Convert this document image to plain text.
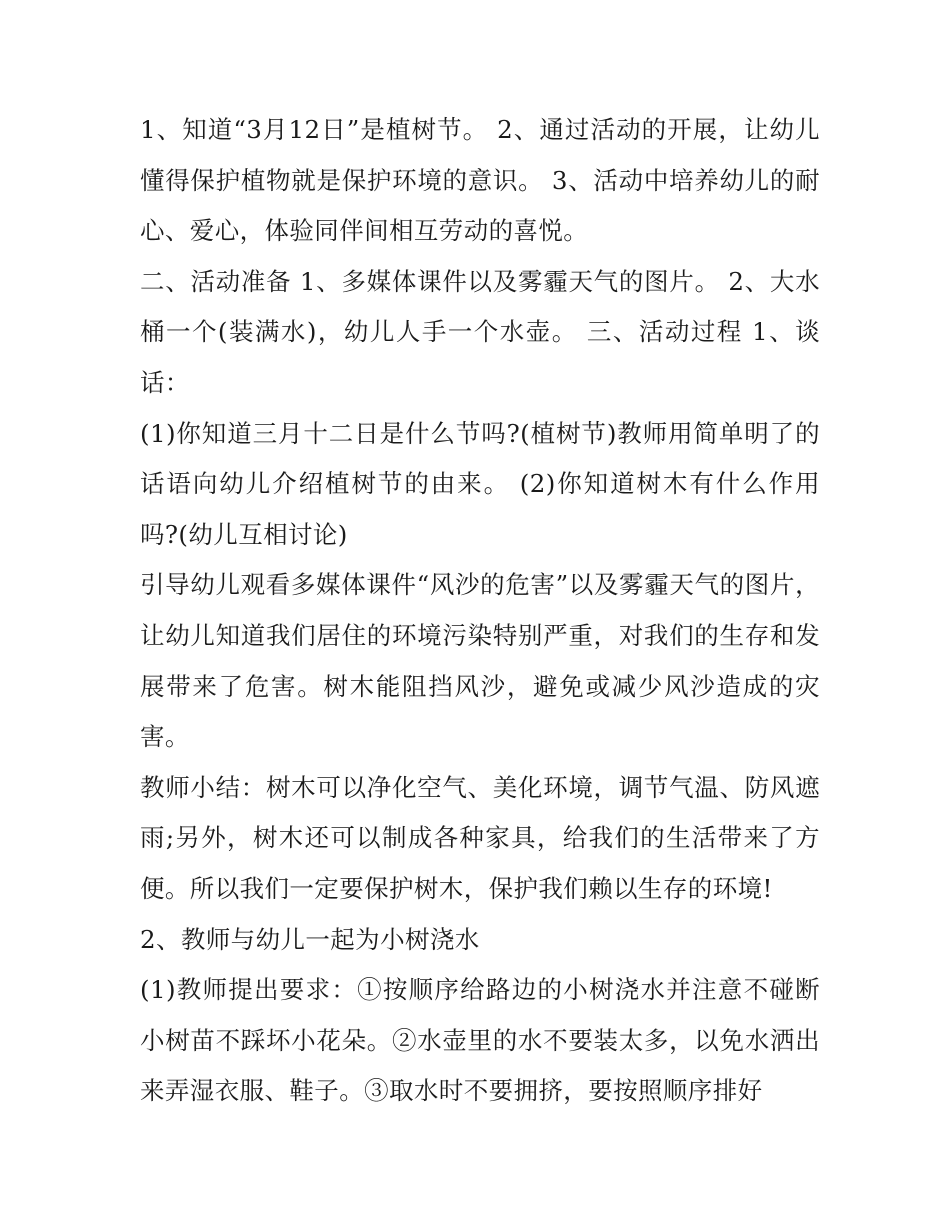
1、知道“3月12日”是植树节。 2、通过活动的开展，让幼儿懂得保护植物就是保护环境的意识。 3、活动中培养幼儿的耐心、爱心，体验同伴间相互劳动的喜悦。

二、活动准备 1、多媒体课件以及雾霾天气的图片。 2、大水桶一个(装满水)，幼儿人手一个水壶。 三、活动过程 1、谈话：

(1)你知道三月十二日是什么节吗?(植树节)教师用简单明了的话语向幼儿介绍植树节的由来。 (2)你知道树木有什么作用吗?(幼儿互相讨论)

引导幼儿观看多媒体课件“风沙的危害”以及雾霾天气的图片，让幼儿知道我们居住的环境污染特别严重，对我们的生存和发展带来了危害。树木能阻挡风沙，避免或减少风沙造成的灾害。

教师小结：树木可以净化空气、美化环境，调节气温、防风遮雨;另外，树木还可以制成各种家具，给我们的生活带来了方便。所以我们一定要保护树木，保护我们赖以生存的环境!

2、教师与幼儿一起为小树浇水

(1)教师提出要求：①按顺序给路边的小树浇水并注意不碰断小树苗不踩坏小花朵。②水壶里的水不要装太多，以免水洒出来弄湿衣服、鞋子。③取水时不要拥挤，要按照顺序排好
